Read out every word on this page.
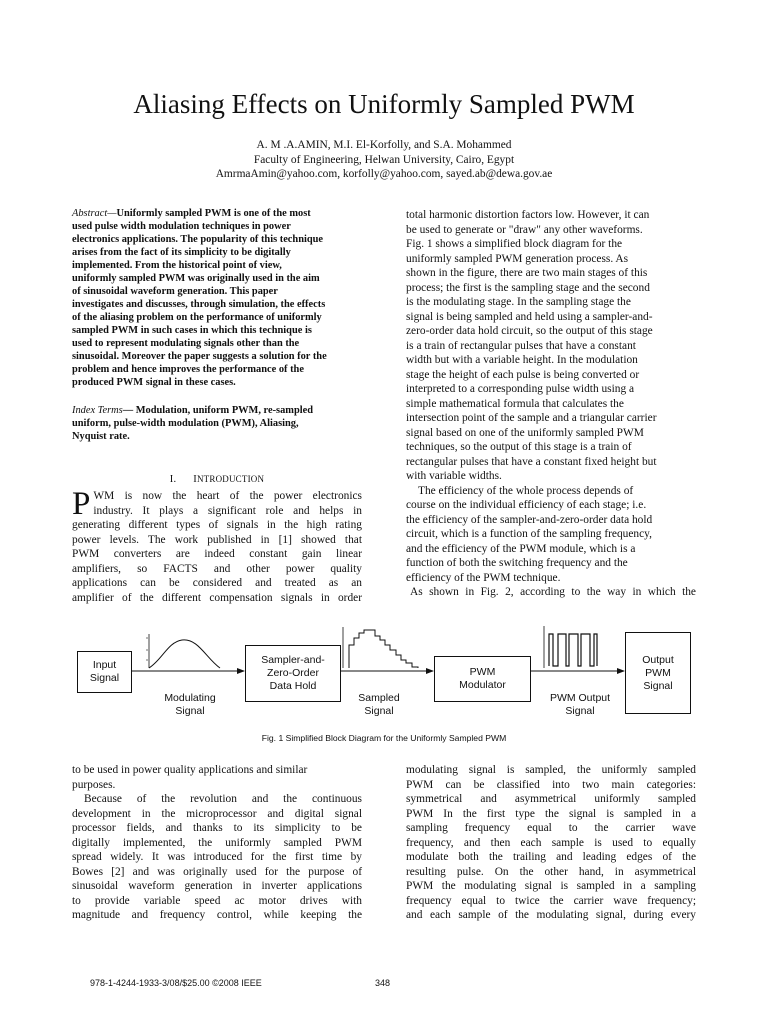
Aliasing Effects on Uniformly Sampled PWM
A. M .A.AMIN, M.I. El-Korfolly, and S.A. Mohammed
Faculty of Engineering, Helwan University, Cairo, Egypt
AmrmaAmin@yahoo.com, korfolly@yahoo.com, sayed.ab@dewa.gov.ae

Abstract—Uniformly sampled PWM is one of the most
used pulse width modulation techniques in power
electronics applications. The popularity of this technique
arises from the fact of its simplicity to be digitally
implemented. From the historical point of view,
uniformly sampled PWM was originally used in the aim
of sinusoidal waveform generation. This paper
investigates and discusses, through simulation, the effects
of the aliasing problem on the performance of uniformly
sampled PWM in such cases in which this technique is
used to represent modulating signals other than the
sinusoidal. Moreover the paper suggests a solution for the
problem and hence improves the performance of the
produced PWM signal in these cases.

Index Terms— Modulation, uniform PWM, re-sampled
uniform, pulse-width modulation (PWM), Aliasing,
Nyquist rate.

I. INTRODUCTION
P WM is now the heart of the power electronics
industry. It plays a significant role and helps in
generating different types of signals in the high rating
power levels. The work published in [1] showed that
PWM converters are indeed constant gain linear
amplifiers, so FACTS and other power quality
applications can be considered and treated as an
amplifier of the different compensation signals in order

to be used in power quality applications and similar
purposes.

Because of the revolution and the continuous
development in the microprocessor and digital signal
processor fields, and thanks to its simplicity to be
digitally implemented, the uniformly sampled PWM
spread widely. It was introduced for the first time by
Bowes [2] and was originally used for the purpose of
sinusoidal waveform generation in inverter applications
to provide variable speed ac motor drives with
magnitude and frequency control, while keeping the

total harmonic distortion factors low. However, it can
be used to generate or "draw" any other waveforms.
Fig. 1 shows a simplified block diagram for the
uniformly sampled PWM generation process. As
shown in the figure, there are two main stages of this
process; the first is the sampling stage and the second
is the modulating stage. In the sampling stage the
signal is being sampled and held using a sampler-and-
zero-order data hold circuit, so the output of this stage
is a train of rectangular pulses that have a constant
width but with a variable height. In the modulation
stage the height of each pulse is being converted or
interpreted to a corresponding pulse width using a
simple mathematical formula that calculates the
intersection point of the sample and a triangular carrier
signal based on one of the uniformly sampled PWM
techniques, so the output of this stage is a train of
rectangular pulses that have a constant fixed height but
with variable widths.

The efficiency of the whole process depends of
course on the individual efficiency of each stage; i.e.
the efficiency of the sampler-and-zero-order data hold
circuit, which is a function of the sampling frequency,
and the efficiency of the PWM module, which is a
function of both the switching frequency and the
efficiency of the PWM technique.

As shown in Fig. 2, according to the way in which the

modulating signal is sampled, the uniformly sampled
PWM can be classified into two main categories:
symmetrical and asymmetrical uniformly sampled
PWM In the first type the signal is sampled in a
sampling frequency equal to the carrier wave
frequency, and then each sample is used to equally
modulate both the trailing and leading edges of the
resulting pulse. On the other hand, in asymmetrical
PWM the modulating signal is sampled in a sampling
frequency equal to twice the carrier wave frequency;
and each sample of the modulating signal, during every

Input
Signal
Sampler-and-
Zero-Order
Data Hold
PWM
Modulator
Output
PWM
Signal
Modulating
Signal
Sampled
Signal
PWM Output
Signal
Fig. 1 Simplified Block Diagram for the Uniformly Sampled PWM
978-1-4244-1933-3/08/$25.00 ©2008 IEEE	348
